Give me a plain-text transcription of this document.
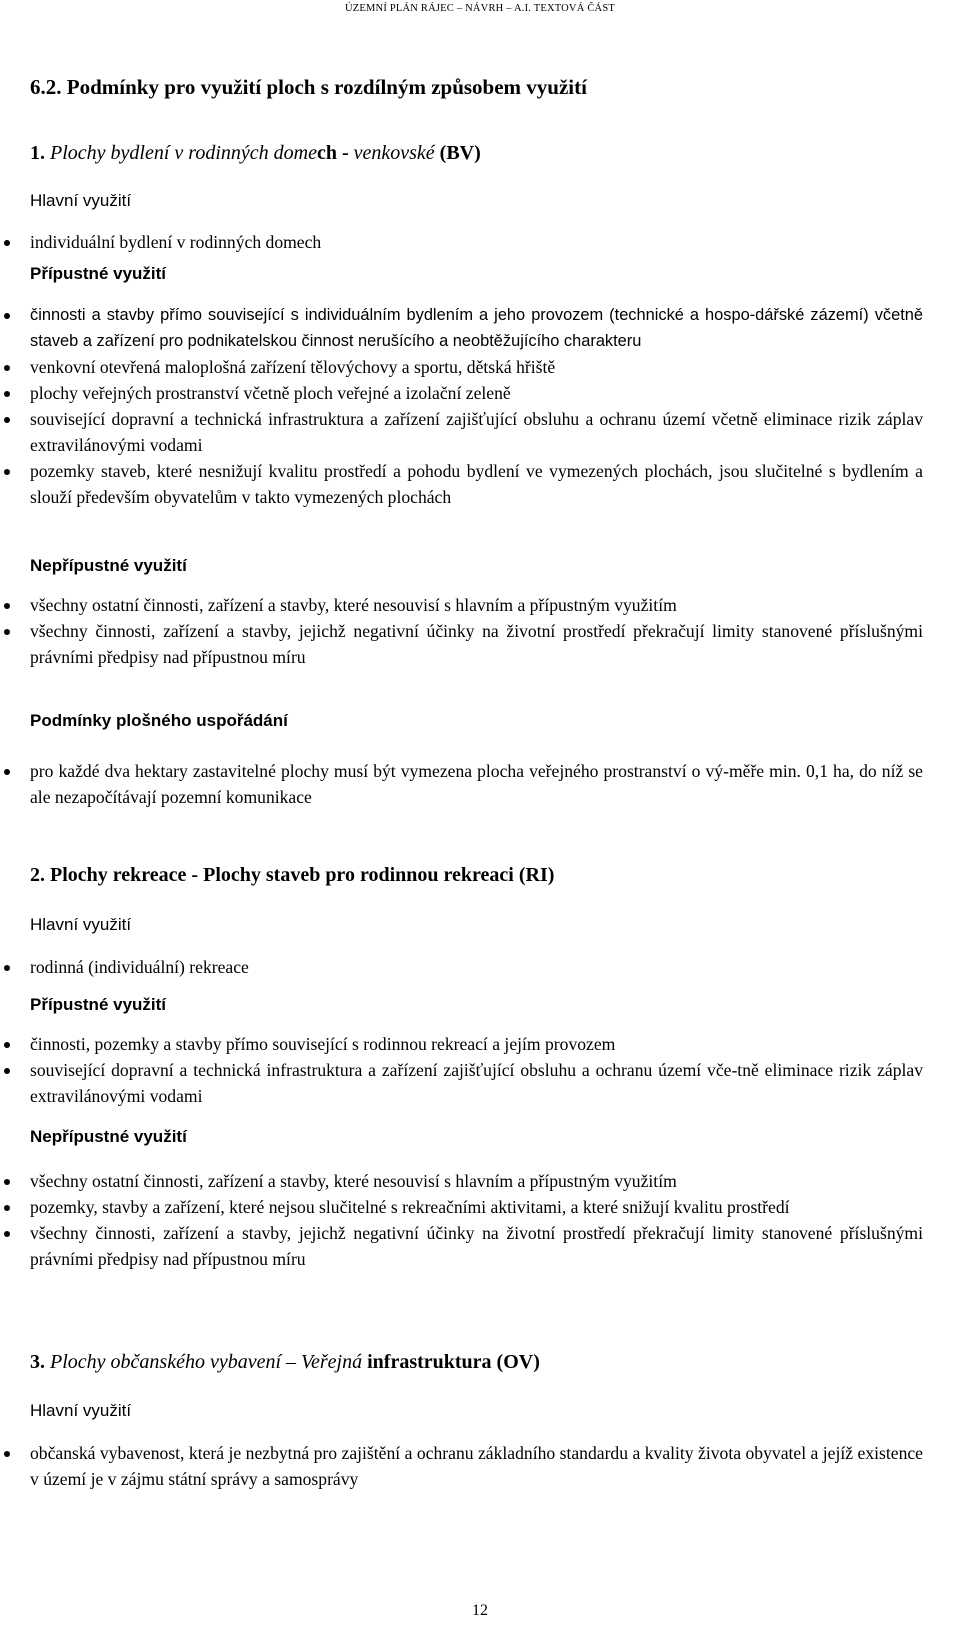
ÚZEMNÍ PLÁN RÁJEC – NÁVRH – A.I. TEXTOVÁ ČÁST
6.2. Podmínky pro využití ploch s rozdílným způsobem využití
1. Plochy bydlení v rodinných domech - venkovské (BV)
Hlavní využití
individuální bydlení v rodinných domech
Přípustné využití
činnosti a stavby přímo související s individuálním bydlením a jeho provozem (technické a hospo-dářské zázemí) včetně staveb a zařízení pro podnikatelskou činnost nerušícího a neobtěžujícího charakteru
venkovní otevřená maloplošná zařízení tělovýchovy a sportu, dětská hřiště
plochy veřejných prostranství včetně ploch veřejné a izolační zeleně
související dopravní a technická infrastruktura a zařízení zajišťující obsluhu a ochranu území včetně eliminace rizik záplav extravilánovými vodami
pozemky staveb, které nesnižují kvalitu prostředí a pohodu bydlení ve vymezených plochách, jsou slučitelné s bydlením a slouží především obyvatelům v takto vymezených plochách
Nepřípustné využití
všechny ostatní činnosti, zařízení a stavby, které nesouvisí s hlavním a přípustným využitím
všechny činnosti, zařízení a stavby, jejichž negativní účinky na životní prostředí překračují limity stanovené příslušnými právními předpisy nad přípustnou míru
Podmínky plošného uspořádání
pro každé dva hektary zastavitelné plochy musí být vymezena plocha veřejného prostranství o vý-měře min. 0,1 ha, do níž se ale nezapočítávají pozemní komunikace
2. Plochy rekreace - Plochy staveb pro rodinnou rekreaci (RI)
Hlavní využití
rodinná (individuální) rekreace
Přípustné využití
činnosti, pozemky a stavby přímo související s rodinnou rekreací a jejím provozem
související dopravní a technická infrastruktura a zařízení zajišťující obsluhu a ochranu území vče-tně eliminace rizik záplav extravilánovými vodami
Nepřípustné využití
všechny ostatní činnosti, zařízení a stavby, které nesouvisí s hlavním a přípustným využitím
pozemky, stavby a zařízení, které nejsou slučitelné s rekreačními aktivitami, a které snižují kvalitu prostředí
všechny činnosti, zařízení a stavby, jejichž negativní účinky na životní prostředí překračují limity stanovené příslušnými právními předpisy nad přípustnou míru
3. Plochy občanského vybavení – Veřejná infrastruktura (OV)
Hlavní využití
občanská vybavenost, která je nezbytná pro zajištění a ochranu základního standardu a kvality života obyvatel a jejíž existence v území je v zájmu státní správy a samosprávy
12
